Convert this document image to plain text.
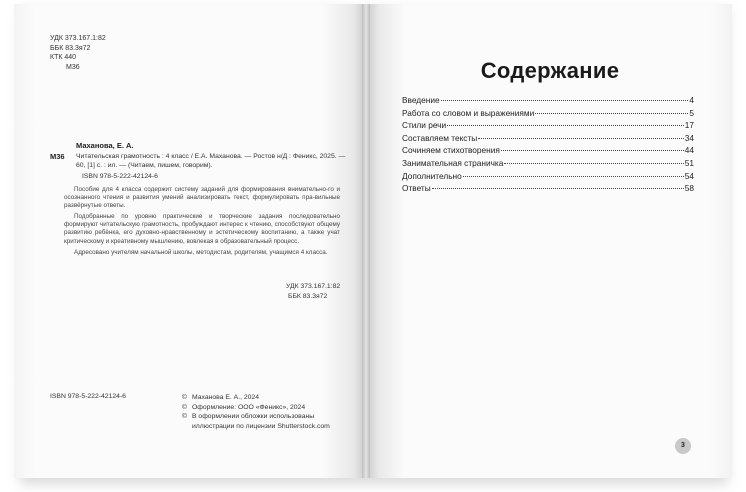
УДК 373.167.1:82
ББК 83.3я72
КТК 440
М36
Маханова, Е. А.
М36 Читательская грамотность : 4 класс / Е.А. Маханова. — Ростов н/Д : Феникс, 2025. — 60, [1] с. : ил. — (Читаем, пишем, говорим).
ISBN 978-5-222-42124-6

Пособие для 4 класса содержит систему заданий для формирования внимательно-го и осознанного чтения и развития умений анализировать текст, формулировать пра-вильные развёрнутые ответы.

Подобранные по уровню практические и творческие задания последовательно формируют читательскую грамотность, пробуждают интерес к чтению, способствуют общему развитию ребёнка, его духовно-нравственному и эстетическому воспитанию, а также учат критическому и креативному мышлению, вовлекая в образовательный процесс.

Адресовано учителям начальной школы, методистам, родителям, учащимся 4 класса.

УДК 373.167.1:82
ББК 83.3я72
ISBN 978-5-222-42124-6	© Маханова Е. А., 2024
© Оформление: ООО «Феникс», 2024
© В оформлении обложки использованы
иллюстрации по лицензии Shutterstock.com
Содержание
Введение	4
Работа со словом и выражениями	5
Стили речи	17
Составляем тексты	34
Сочиняем стихотворения	44
Занимательная страничка	51
Дополнительно	54
Ответы	58
3
